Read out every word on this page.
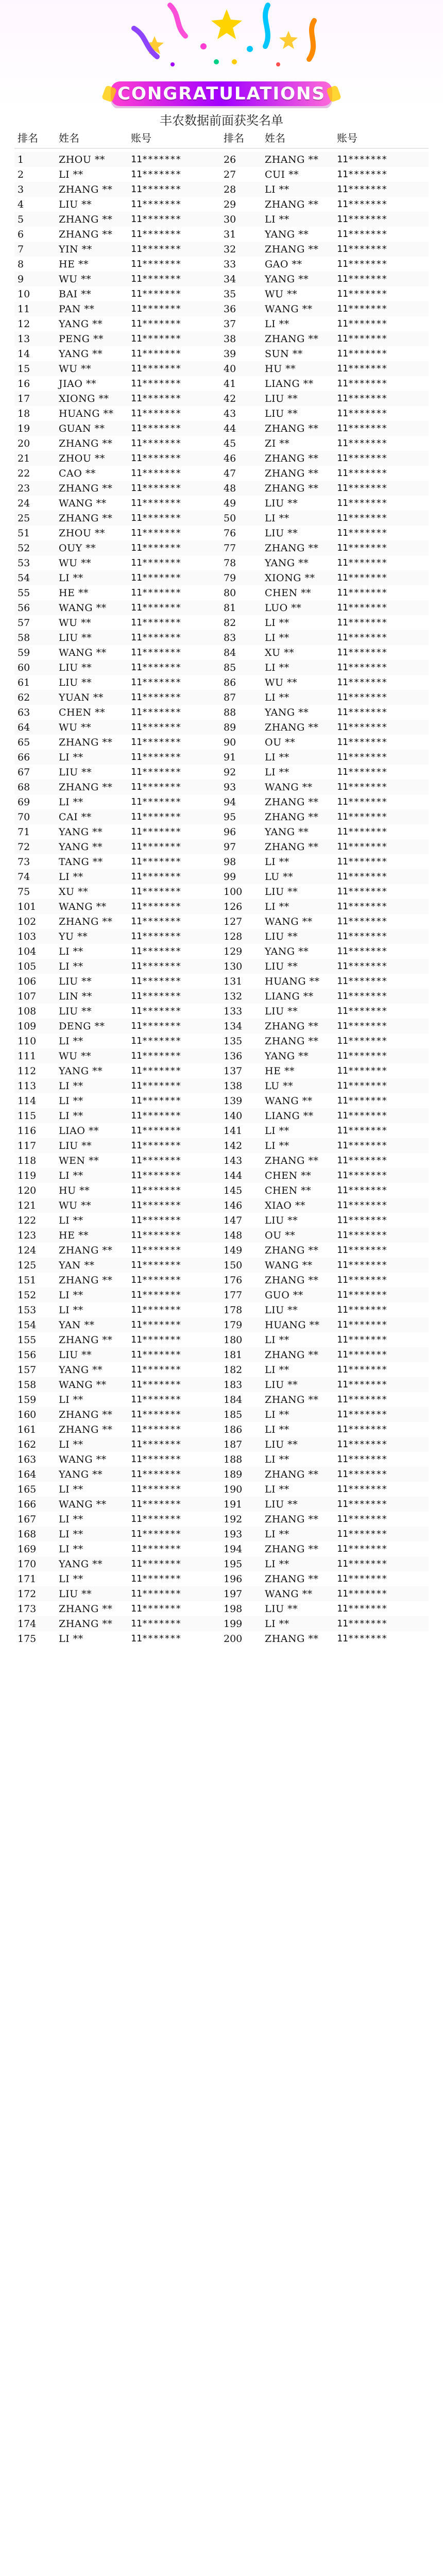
CONGRATULATIONS
丰农数据前面获奖名单
排名	姓名	账号	排名	姓名	账号
1	ZHOU **	11*******	26	ZHANG **	11*******
2	LI **	11*******	27	CUI **	11*******
3	ZHANG **	11*******	28	LI **	11*******
4	LIU **	11*******	29	ZHANG **	11*******
5	ZHANG **	11*******	30	LI **	11*******
6	ZHANG **	11*******	31	YANG **	11*******
7	YIN **	11*******	32	ZHANG **	11*******
8	HE **	11*******	33	GAO **	11*******
9	WU **	11*******	34	YANG **	11*******
10	BAI **	11*******	35	WU **	11*******
11	PAN **	11*******	36	WANG **	11*******
12	YANG **	11*******	37	LI **	11*******
13	PENG **	11*******	38	ZHANG **	11*******
14	YANG **	11*******	39	SUN **	11*******
15	WU **	11*******	40	HU **	11*******
16	JIAO **	11*******	41	LIANG **	11*******
17	XIONG **	11*******	42	LIU **	11*******
18	HUANG **	11*******	43	LIU **	11*******
19	GUAN **	11*******	44	ZHANG **	11*******
20	ZHANG **	11*******	45	ZI **	11*******
21	ZHOU **	11*******	46	ZHANG **	11*******
22	CAO **	11*******	47	ZHANG **	11*******
23	ZHANG **	11*******	48	ZHANG **	11*******
24	WANG **	11*******	49	LIU **	11*******
25	ZHANG **	11*******	50	LI **	11*******
51	ZHOU **	11*******	76	LIU **	11*******
52	OUY **	11*******	77	ZHANG **	11*******
53	WU **	11*******	78	YANG **	11*******
54	LI **	11*******	79	XIONG **	11*******
55	HE **	11*******	80	CHEN **	11*******
56	WANG **	11*******	81	LUO **	11*******
57	WU **	11*******	82	LI **	11*******
58	LIU **	11*******	83	LI **	11*******
59	WANG **	11*******	84	XU **	11*******
60	LIU **	11*******	85	LI **	11*******
61	LIU **	11*******	86	WU **	11*******
62	YUAN **	11*******	87	LI **	11*******
63	CHEN **	11*******	88	YANG **	11*******
64	WU **	11*******	89	ZHANG **	11*******
65	ZHANG **	11*******	90	OU **	11*******
66	LI **	11*******	91	LI **	11*******
67	LIU **	11*******	92	LI **	11*******
68	ZHANG **	11*******	93	WANG **	11*******
69	LI **	11*******	94	ZHANG **	11*******
70	CAI **	11*******	95	ZHANG **	11*******
71	YANG **	11*******	96	YANG **	11*******
72	YANG **	11*******	97	ZHANG **	11*******
73	TANG **	11*******	98	LI **	11*******
74	LI **	11*******	99	LU **	11*******
75	XU **	11*******	100	LIU **	11*******
101	WANG **	11*******	126	LI **	11*******
102	ZHANG **	11*******	127	WANG **	11*******
103	YU **	11*******	128	LIU **	11*******
104	LI **	11*******	129	YANG **	11*******
105	LI **	11*******	130	LIU **	11*******
106	LIU **	11*******	131	HUANG **	11*******
107	LIN **	11*******	132	LIANG **	11*******
108	LIU **	11*******	133	LIU **	11*******
109	DENG **	11*******	134	ZHANG **	11*******
110	LI **	11*******	135	ZHANG **	11*******
111	WU **	11*******	136	YANG **	11*******
112	YANG **	11*******	137	HE **	11*******
113	LI **	11*******	138	LU **	11*******
114	LI **	11*******	139	WANG **	11*******
115	LI **	11*******	140	LIANG **	11*******
116	LIAO **	11*******	141	LI **	11*******
117	LIU **	11*******	142	LI **	11*******
118	WEN **	11*******	143	ZHANG **	11*******
119	LI **	11*******	144	CHEN **	11*******
120	HU **	11*******	145	CHEN **	11*******
121	WU **	11*******	146	XIAO **	11*******
122	LI **	11*******	147	LIU **	11*******
123	HE **	11*******	148	OU **	11*******
124	ZHANG **	11*******	149	ZHANG **	11*******
125	YAN **	11*******	150	WANG **	11*******
151	ZHANG **	11*******	176	ZHANG **	11*******
152	LI **	11*******	177	GUO **	11*******
153	LI **	11*******	178	LIU **	11*******
154	YAN **	11*******	179	HUANG **	11*******
155	ZHANG **	11*******	180	LI **	11*******
156	LIU **	11*******	181	ZHANG **	11*******
157	YANG **	11*******	182	LI **	11*******
158	WANG **	11*******	183	LIU **	11*******
159	LI **	11*******	184	ZHANG **	11*******
160	ZHANG **	11*******	185	LI **	11*******
161	ZHANG **	11*******	186	LI **	11*******
162	LI **	11*******	187	LIU **	11*******
163	WANG **	11*******	188	LI **	11*******
164	YANG **	11*******	189	ZHANG **	11*******
165	LI **	11*******	190	LI **	11*******
166	WANG **	11*******	191	LIU **	11*******
167	LI **	11*******	192	ZHANG **	11*******
168	LI **	11*******	193	LI **	11*******
169	LI **	11*******	194	ZHANG **	11*******
170	YANG **	11*******	195	LI **	11*******
171	LI **	11*******	196	ZHANG **	11*******
172	LIU **	11*******	197	WANG **	11*******
173	ZHANG **	11*******	198	LIU **	11*******
174	ZHANG **	11*******	199	LI **	11*******
175	LI **	11*******	200	ZHANG **	11*******
